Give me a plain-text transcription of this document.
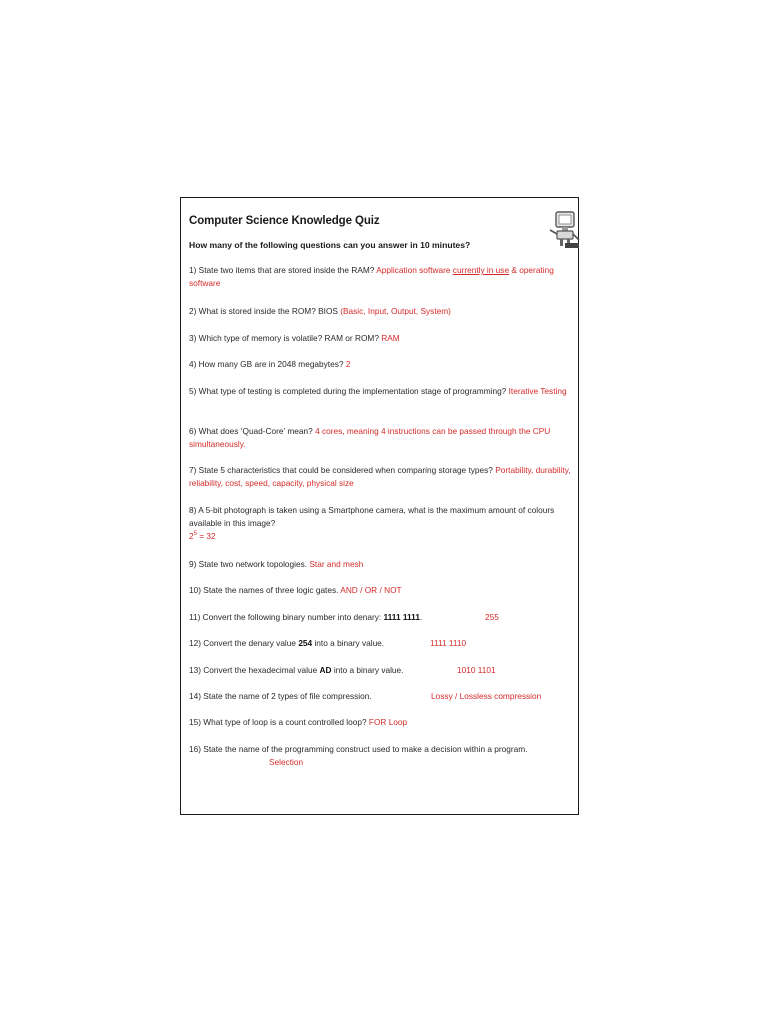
Computer Science Knowledge Quiz
How many of the following questions can you answer in 10 minutes?
1) State two items that are stored inside the RAM? Application software currently in use & operating software
2) What is stored inside the ROM? BIOS (Basic, Input, Output, System)
3) Which type of memory is volatile? RAM or ROM? RAM
4) How many GB are in 2048 megabytes? 2
5) What type of testing is completed during the implementation stage of programming? Iterative Testing
6) What does ‘Quad-Core’ mean? 4 cores, meaning 4 instructions can be passed through the CPU simultaneously.
7) State 5 characteristics that could be considered when comparing storage types? Portability, durability, reliability, cost, speed, capacity, physical size
8) A 5-bit photograph is taken using a Smartphone camera, what is the maximum amount of colours available in this image?
$2^5 = 32$
9) State two network topologies. Star and mesh
10) State the names of three logic gates. AND / OR / NOT
11) Convert the following binary number into denary: 1111 1111.	255
12) Convert the denary value 254 into a binary value.	1111 1110
13) Convert the hexadecimal value AD into a binary value.	1010 1101
14) State the name of 2 types of file compression.	Lossy / Lossless compression
15) What type of loop is a count controlled loop? FOR Loop
16) State the name of the programming construct used to make a decision within a program.
Selection
